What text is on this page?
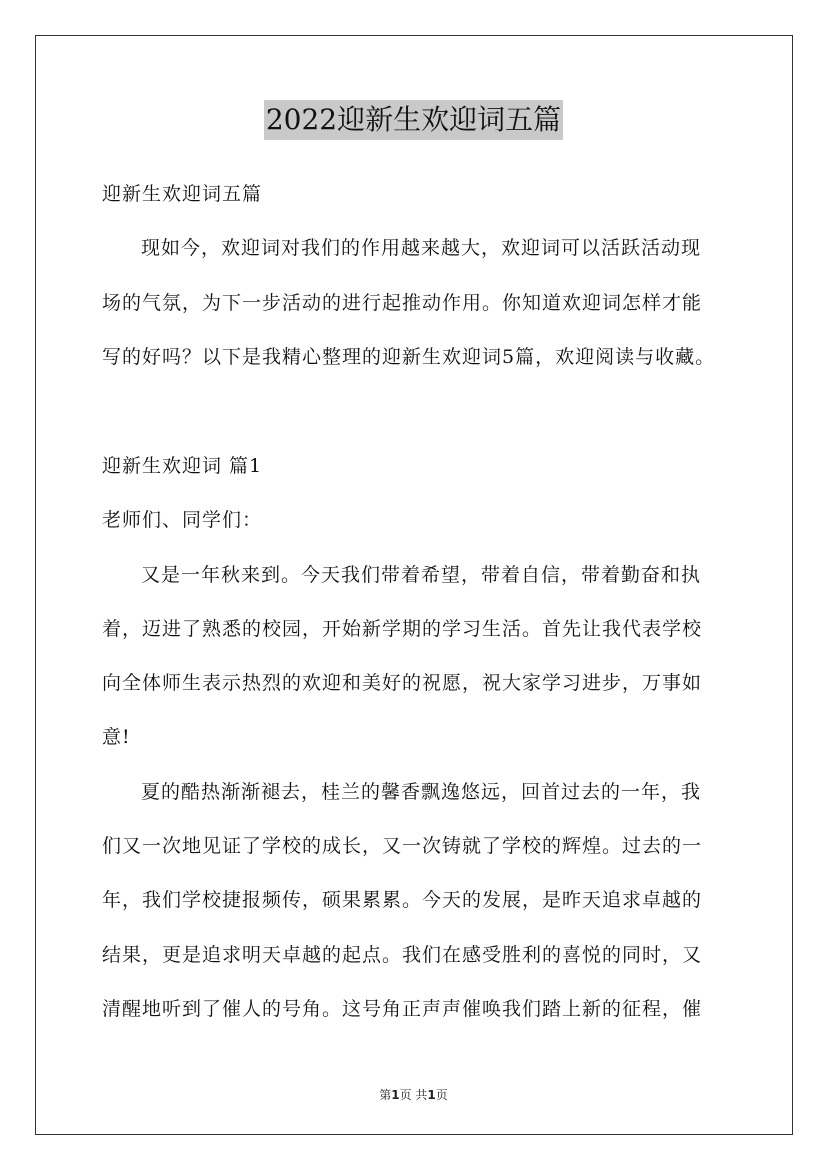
2022迎新生欢迎词五篇
迎新生欢迎词五篇
现如今，欢迎词对我们的作用越来越大，欢迎词可以活跃活动现
场的气氛，为下一步活动的进行起推动作用。你知道欢迎词怎样才能
写的好吗？以下是我精心整理的迎新生欢迎词5篇，欢迎阅读与收藏。
迎新生欢迎词 篇1
老师们、同学们：
又是一年秋来到。今天我们带着希望，带着自信，带着勤奋和执
着，迈进了熟悉的校园，开始新学期的学习生活。首先让我代表学校
向全体师生表示热烈的欢迎和美好的祝愿，祝大家学习进步，万事如
意!
夏的酷热渐渐褪去，桂兰的馨香飘逸悠远，回首过去的一年，我
们又一次地见证了学校的成长，又一次铸就了学校的辉煌。过去的一
年，我们学校捷报频传，硕果累累。今天的发展，是昨天追求卓越的
结果，更是追求明天卓越的起点。我们在感受胜利的喜悦的同时，又
清醒地听到了催人的号角。这号角正声声催唤我们踏上新的征程，催
第1页 共1页
